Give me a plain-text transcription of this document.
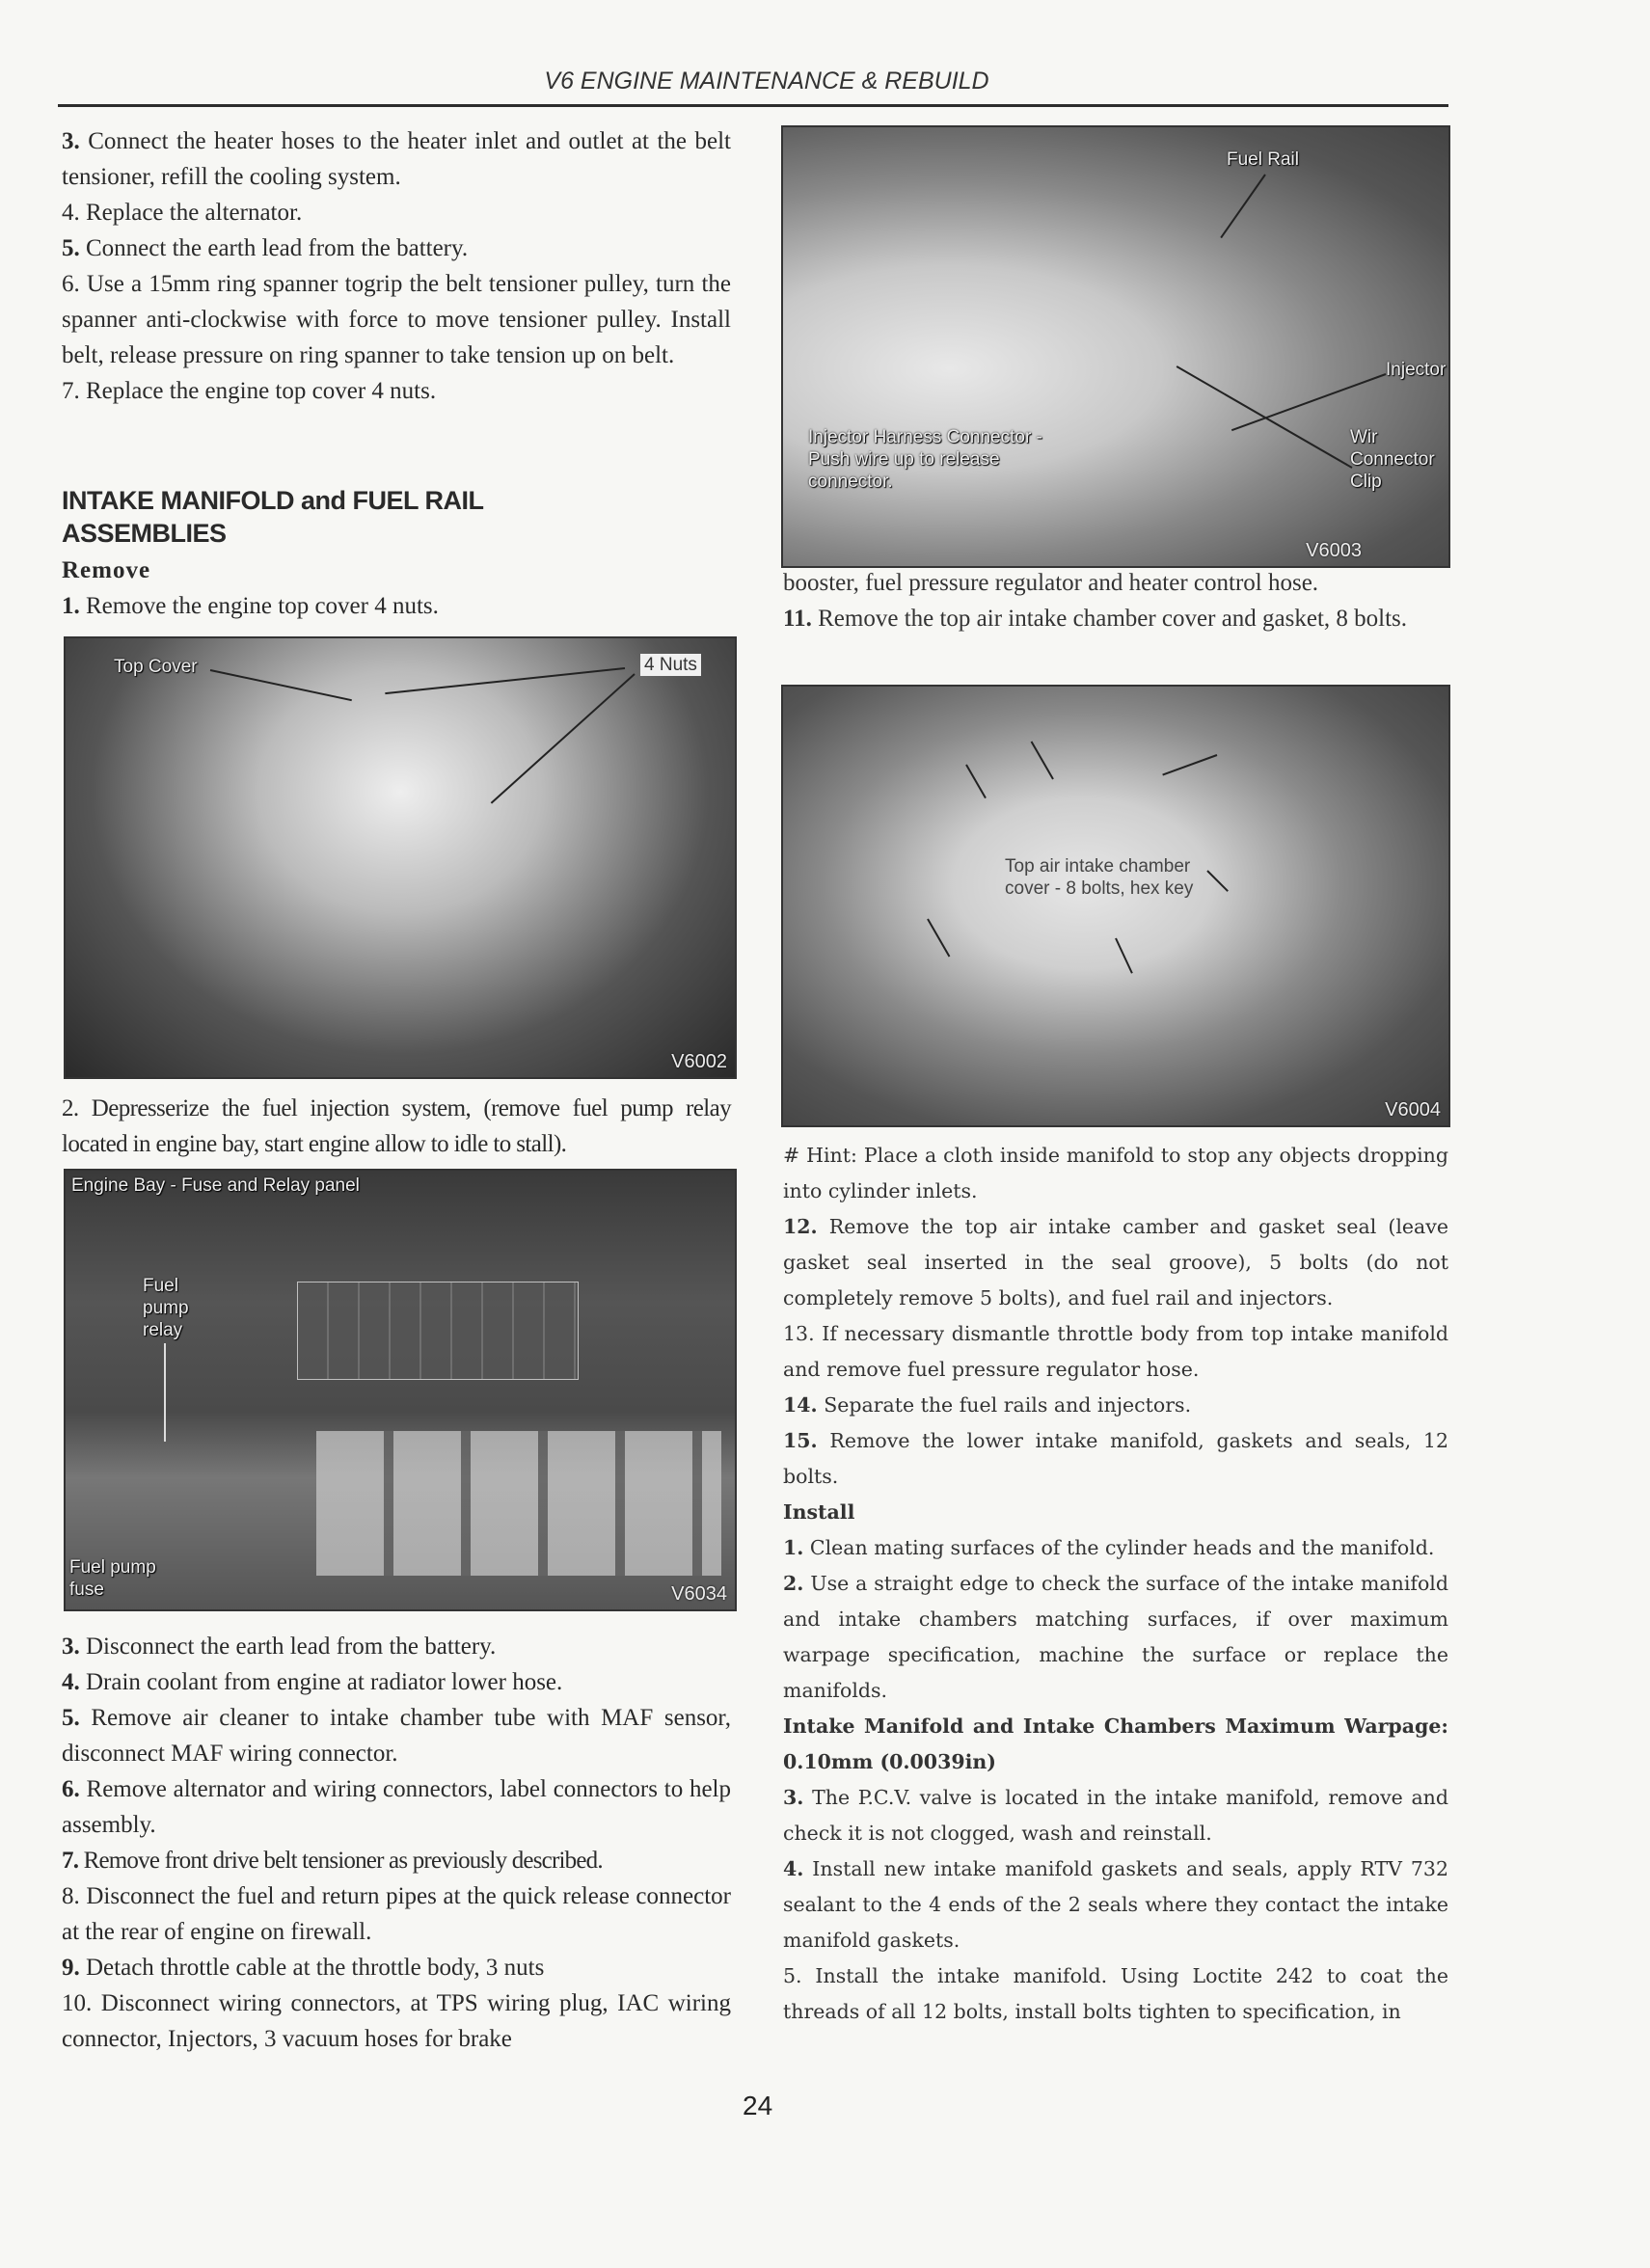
V6 ENGINE MAINTENANCE & REBUILD

3. Connect the heater hoses to the heater inlet and outlet at the belt tensioner, refill the cooling system.

4. Replace the alternator.

5. Connect the earth lead from the battery.

6. Use a 15mm ring spanner togrip the belt tensioner pulley, turn the spanner anti-clockwise with force to move tensioner pulley. Install belt, release pressure on ring spanner to take tension up on belt.

7. Replace the engine top cover 4 nuts.

INTAKE MANIFOLD and FUEL RAIL ASSEMBLIES
Remove

1. Remove the engine top cover 4 nuts.

Top Cover	4 Nuts
V6002

2. Depresserize the fuel injection system, (remove fuel pump relay located in engine bay, start engine allow to idle to stall).

Engine Bay - Fuse and Relay panel
Fuel pump relay
Fuel pump fuse	V6034

3. Disconnect the earth lead from the battery.

4. Drain coolant from engine at radiator lower hose.

5. Remove air cleaner to intake chamber tube with MAF sensor, disconnect MAF wiring connector.

6. Remove alternator and wiring connectors, label connectors to help assembly.

7. Remove front drive belt tensioner as previously described.

8. Disconnect the fuel and return pipes at the quick release connector at the rear of engine on firewall.

9. Detach throttle cable at the throttle body, 3 nuts

10. Disconnect wiring connectors, at TPS wiring plug, IAC wiring connector, Injectors, 3 vacuum hoses for brake

Fuel Rail
Injector
Wir Connector Clip
Injector Harness Connector - Push wire up to release connector.
V6003

booster, fuel pressure regulator and heater control hose.

11. Remove the top air intake chamber cover and gasket, 8 bolts.

Top air intake chamber cover - 8 bolts, hex key
V6004

# Hint: Place a cloth inside manifold to stop any objects dropping into cylinder inlets.

12. Remove the top air intake camber and gasket seal (leave gasket seal inserted in the seal groove), 5 bolts (do not completely remove 5 bolts), and fuel rail and injectors.

13. If necessary dismantle throttle body from top intake manifold and remove fuel pressure regulator hose.

14. Separate the fuel rails and injectors.

15. Remove the lower intake manifold, gaskets and seals, 12 bolts.

Install

1. Clean mating surfaces of the cylinder heads and the manifold.

2. Use a straight edge to check the surface of the intake manifold and intake chambers matching surfaces, if over maximum warpage specification, machine the surface or replace the manifolds.

Intake Manifold and Intake Chambers Maximum Warpage: 0.10mm (0.0039in)

3. The P.C.V. valve is located in the intake manifold, remove and check it is not clogged, wash and reinstall.

4. Install new intake manifold gaskets and seals, apply RTV 732 sealant to the 4 ends of the 2 seals where they contact the intake manifold gaskets.

5. Install the intake manifold. Using Loctite 242 to coat the threads of all 12 bolts, install bolts tighten to specification, in

24
